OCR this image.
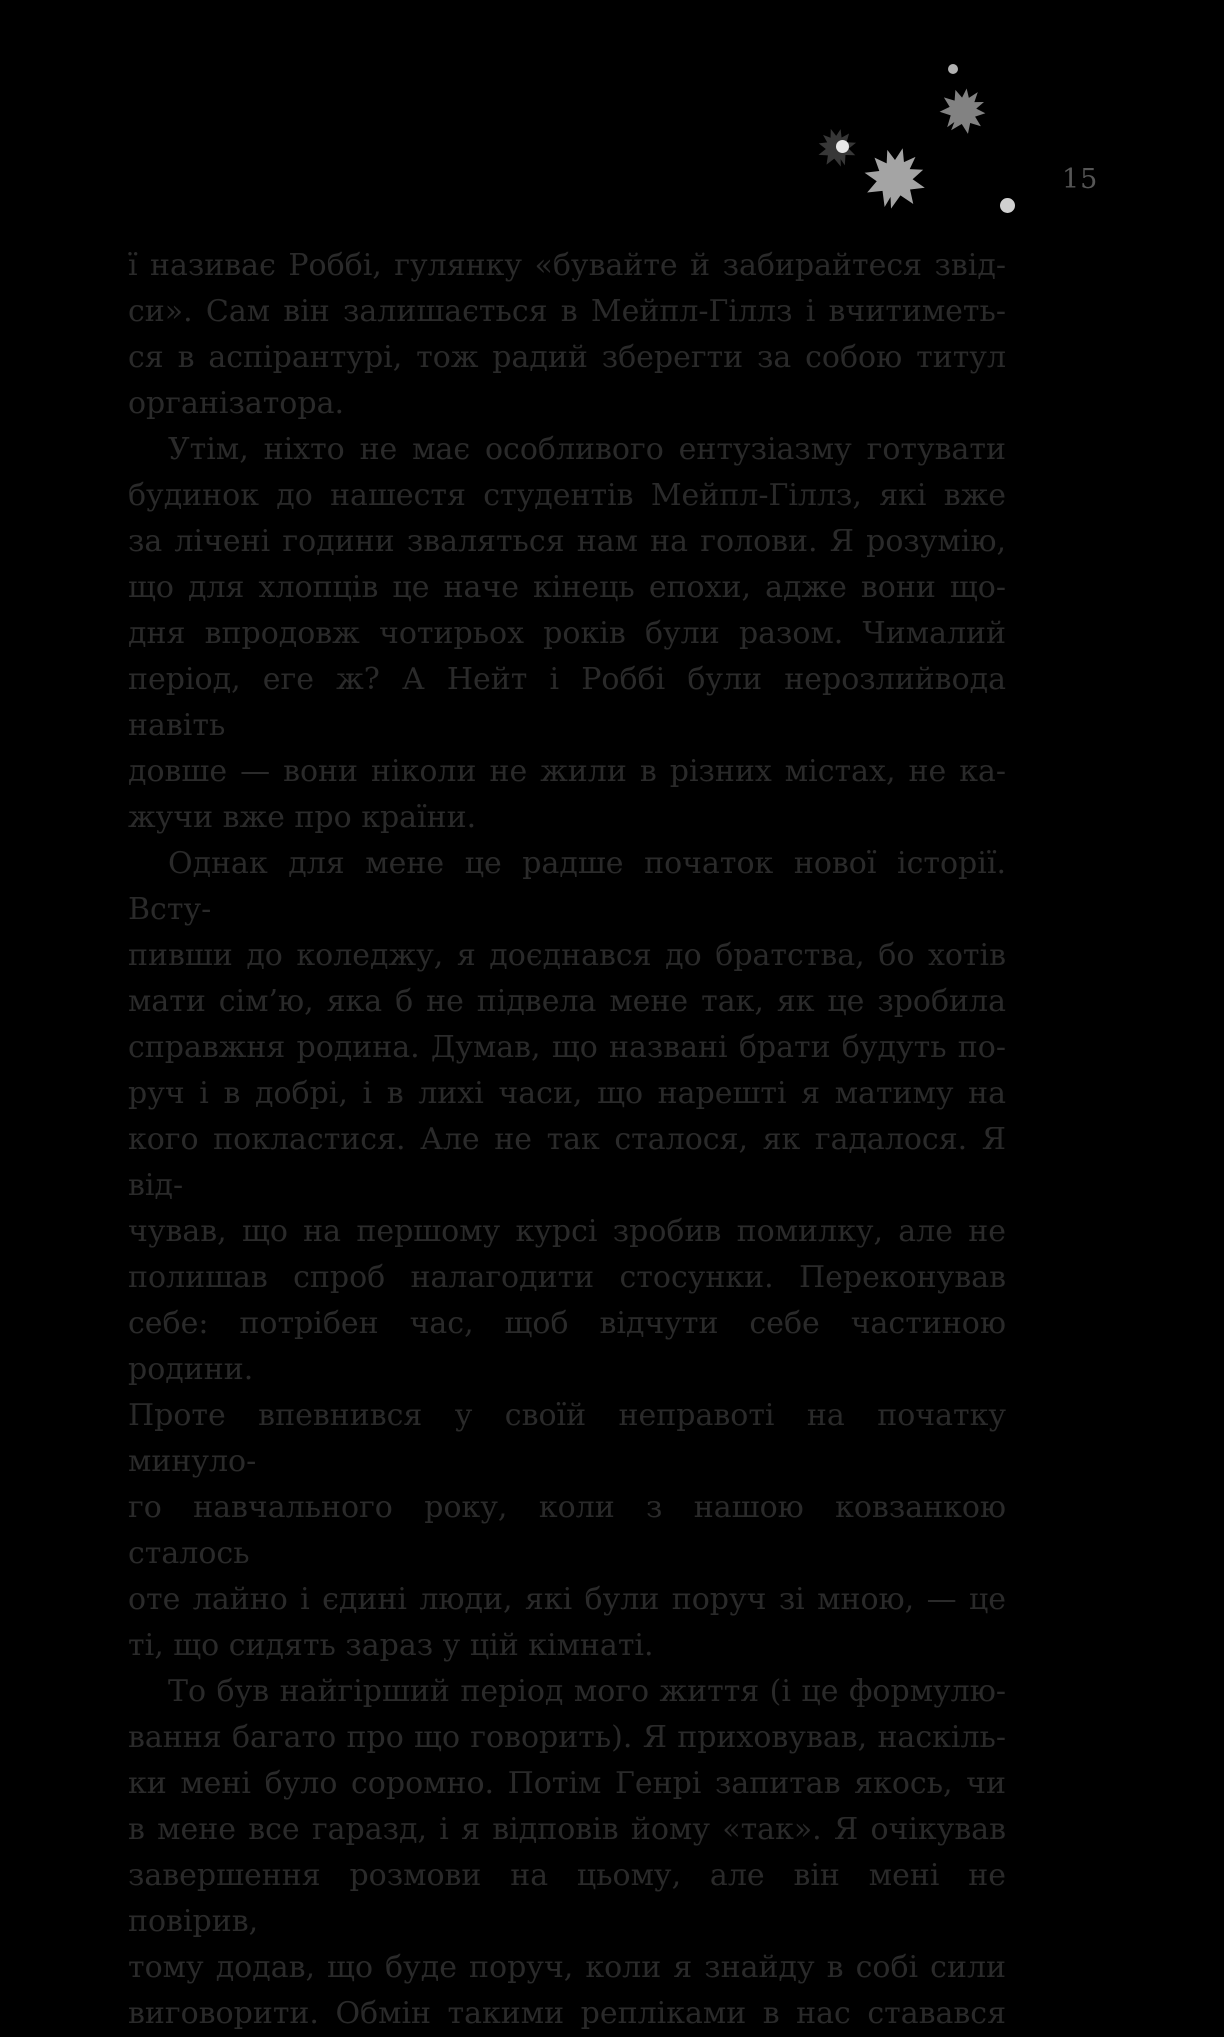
15
ї називає Роббі, гулянку «бувайте й забирайтеся звід-
си». Сам він залишається в Мейпл-Гіллз і вчитиметь-
ся в аспірантурі, тож радий зберегти за собою титул
організатора.
Утім, ніхто не має особливого ентузіазму готувати
будинок до нашестя студентів Мейпл-Гіллз, які вже
за лічені години зваляться нам на голови. Я розумію,
що для хлопців це наче кінець епохи, адже вони що-
дня впродовж чотирьох років були разом. Чималий
період, еге ж? А Нейт і Роббі були нерозлийвода навіть
довше — вони ніколи не жили в різних містах, не ка-
жучи вже про країни.
Однак для мене це радше початок нової історії. Всту-
пивши до коледжу, я доєднався до братства, бо хотів
мати сім’ю, яка б не підвела мене так, як це зробила
справжня родина. Думав, що названі брати будуть по-
руч і в добрі, і в лихі часи, що нарешті я матиму на
кого покластися. Але не так сталося, як гадалося. Я від-
чував, що на першому курсі зробив помилку, але не
полишав спроб налагодити стосунки. Переконував
себе: потрібен час, щоб відчути себе частиною родини.
Проте впевнився у своїй неправоті на початку минуло-
го навчального року, коли з нашою ковзанкою сталось
оте лайно і єдині люди, які були поруч зі мною, — це
ті, що сидять зараз у цій кімнаті.
То був найгірший період мого життя (і це формулю-
вання багато про що говорить). Я приховував, наскіль-
ки мені було соромно. Потім Генрі запитав якось, чи
в мене все гаразд, і я відповів йому «так». Я очікував
завершення розмови на цьому, але він мені не повірив,
тому додав, що буде поруч, коли я знайду в собі сили
виговорити. Обмін такими репліками в нас ставався
